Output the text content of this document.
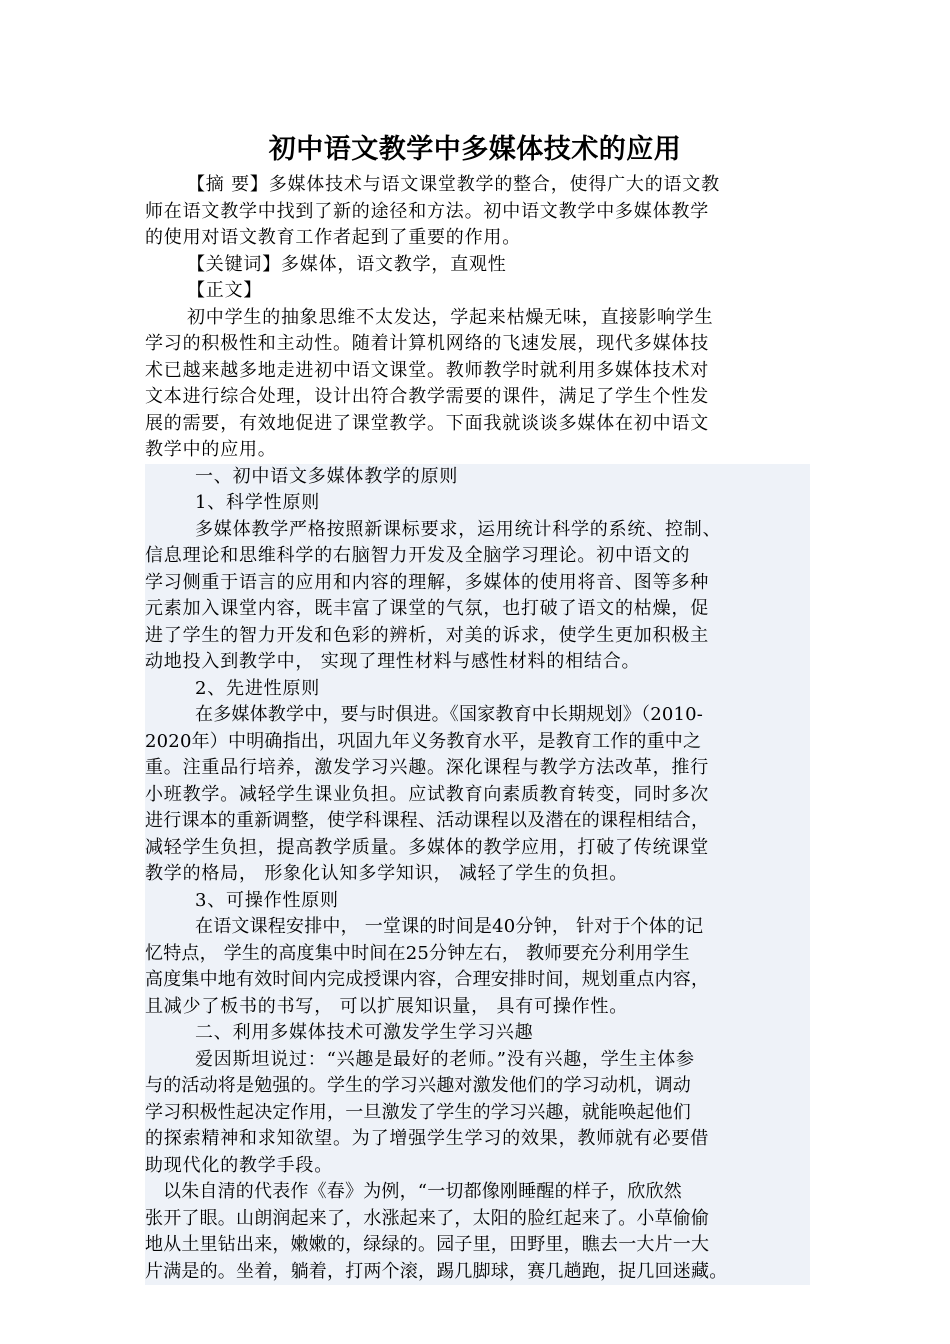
初中语文教学中多媒体技术的应用
【摘 要】多媒体技术与语文课堂教学的整合，使得广大的语文教
师在语文教学中找到了新的途径和方法。初中语文教学中多媒体教学
的使用对语文教育工作者起到了重要的作用。
【关键词】多媒体，语文教学，直观性
【正文】
初中学生的抽象思维不太发达，学起来枯燥无味，直接影响学生
学习的积极性和主动性。随着计算机网络的飞速发展，现代多媒体技
术已越来越多地走进初中语文课堂。教师教学时就利用多媒体技术对
文本进行综合处理，设计出符合教学需要的课件，满足了学生个性发
展的需要，有效地促进了课堂教学。下面我就谈谈多媒体在初中语文
教学中的应用。
一、初中语文多媒体教学的原则
1、科学性原则
多媒体教学严格按照新课标要求，运用统计科学的系统、控制、
信息理论和思维科学的右脑智力开发及全脑学习理论。初中语文的
学习侧重于语言的应用和内容的理解，多媒体的使用将音、图等多种
元素加入课堂内容，既丰富了课堂的气氛，也打破了语文的枯燥，促
进了学生的智力开发和色彩的辨析，对美的诉求，使学生更加积极主
动地投入到教学中， 实现了理性材料与感性材料的相结合。
2、先进性原则
在多媒体教学中，要与时俱进。《国家教育中长期规划》（2010-
2020年）中明确指出，巩固九年义务教育水平，是教育工作的重中之
重。注重品行培养，激发学习兴趣。深化课程与教学方法改革，推行
小班教学。减轻学生课业负担。应试教育向素质教育转变，同时多次
进行课本的重新调整，使学科课程、活动课程以及潜在的课程相结合，
减轻学生负担，提高教学质量。多媒体的教学应用，打破了传统课堂
教学的格局， 形象化认知多学知识， 减轻了学生的负担。
3、可操作性原则
在语文课程安排中， 一堂课的时间是40分钟， 针对于个体的记
忆特点， 学生的高度集中时间在25分钟左右， 教师要充分利用学生
高度集中地有效时间内完成授课内容，合理安排时间，规划重点内容，
且减少了板书的书写， 可以扩展知识量， 具有可操作性。
二、利用多媒体技术可激发学生学习兴趣
爱因斯坦说过：“兴趣是最好的老师。”没有兴趣，学生主体参
与的活动将是勉强的。学生的学习兴趣对激发他们的学习动机，调动
学习积极性起决定作用，一旦激发了学生的学习兴趣，就能唤起他们
的探索精神和求知欲望。为了增强学生学习的效果，教师就有必要借
助现代化的教学手段。
以朱自清的代表作《春》为例，“一切都像刚睡醒的样子，欣欣然
张开了眼。山朗润起来了，水涨起来了，太阳的脸红起来了。小草偷偷
地从土里钻出来，嫩嫩的，绿绿的。园子里，田野里，瞧去一大片一大
片满是的。坐着，躺着，打两个滚，踢几脚球，赛几趟跑，捉几回迷藏。
